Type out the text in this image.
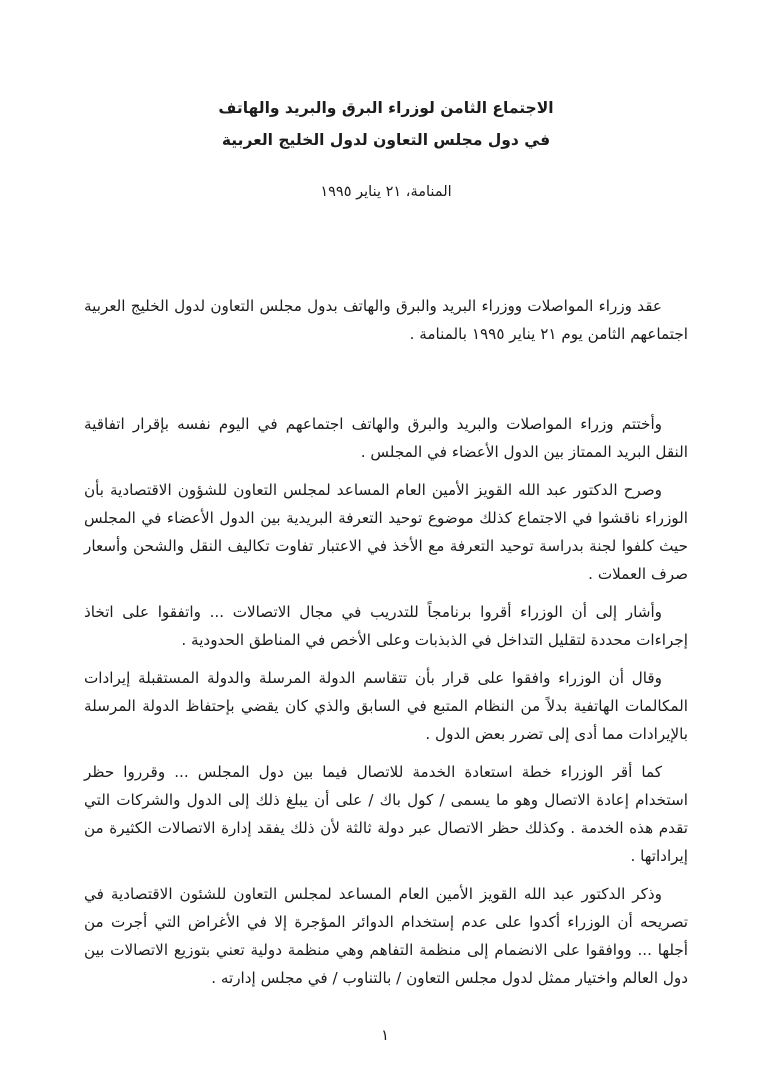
الاجتماع الثامن لوزراء البرق والبريد والهاتف
في دول مجلس التعاون لدول الخليج العربية
المنامة، ٢١ يناير ١٩٩٥

عقد وزراء المواصلات ووزراء البريد والبرق والهاتف بدول مجلس التعاون لدول الخليج العربية اجتماعهم الثامن يوم ٢١ يناير ١٩٩٥ بالمنامة .

وأختتم وزراء المواصلات والبريد والبرق والهاتف اجتماعهم في اليوم نفسه بإقرار اتفاقية النقل البريد الممتاز بين الدول الأعضاء في المجلس .

وصرح الدكتور عبد الله القويز الأمين العام المساعد لمجلس التعاون للشؤون الاقتصادية بأن الوزراء ناقشوا في الاجتماع كذلك موضوع توحيد التعرفة البريدية بين الدول الأعضاء في المجلس حيث كلفوا لجنة بدراسة توحيد التعرفة مع الأخذ في الاعتبار تفاوت تكاليف النقل والشحن وأسعار صرف العملات .

وأشار إلى أن الوزراء أقروا برنامجاً للتدريب في مجال الاتصالات ... واتفقوا على اتخاذ إجراءات محددة لتقليل التداخل في الذبذبات وعلى الأخص في المناطق الحدودية .

وقال أن الوزراء وافقوا على قرار بأن تتقاسم الدولة المرسلة والدولة المستقبلة إيرادات المكالمات الهاتفية بدلاً من النظام المتبع في السابق والذي كان يقضي بإحتفاظ الدولة المرسلة بالإيرادات مما أدى إلى تضرر بعض الدول .

كما أقر الوزراء خطة استعادة الخدمة للاتصال فيما بين دول المجلس ... وقرروا حظر استخدام إعادة الاتصال وهو ما يسمى / كول باك / على أن يبلغ ذلك إلى الدول والشركات التي تقدم هذه الخدمة . وكذلك حظر الاتصال عبر دولة ثالثة لأن ذلك يفقد إدارة الاتصالات الكثيرة من إيراداتها .

وذكر الدكتور عبد الله القويز الأمين العام المساعد لمجلس التعاون للشئون الاقتصادية في تصريحه أن الوزراء أكدوا على عدم إستخدام الدوائر المؤجرة إلا في الأغراض التي أجرت من أجلها ... ووافقوا على الانضمام إلى منظمة التفاهم وهي منظمة دولية تعني بتوزيع الاتصالات بين دول العالم واختيار ممثل لدول مجلس التعاون / بالتناوب / في مجلس إدارته .

١
